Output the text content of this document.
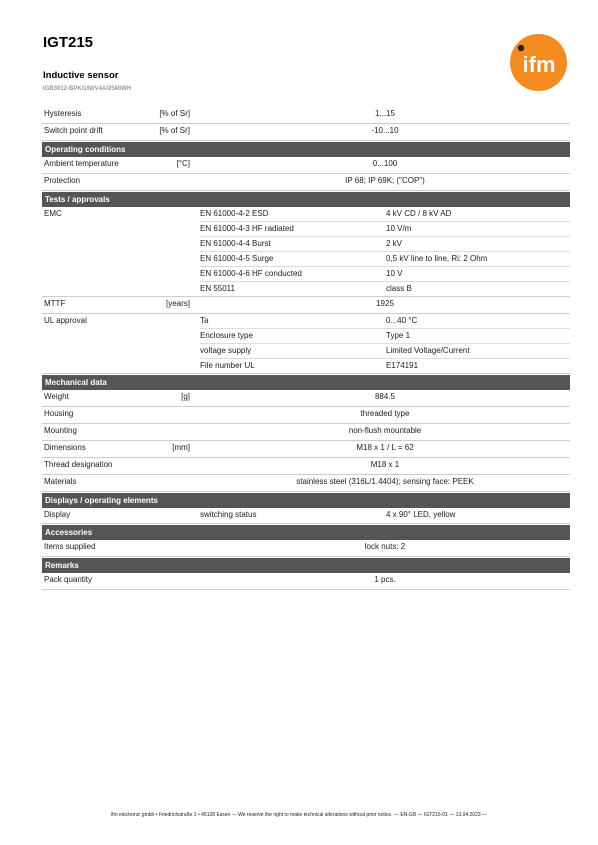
IGT215
Inductive sensor
IGB3012-BPKG/M/V4A/25M/WH
ifm
Hysteresis	[% of Sr]	1...15
Switch point drift	[% of Sr]	-10...10
Operating conditions
Ambient temperature	[°C]	0...100
Protection	IP 68; IP 69K; ("COP")
Tests / approvals
EMC	EN 61000-4-2 ESD	4 kV CD / 8 kV AD
EN 61000-4-3 HF radiated	10 V/m
EN 61000-4-4 Burst	2 kV
EN 61000-4-5 Surge	0,5 kV line to line, Ri: 2 Ohm
EN 61000-4-6 HF conducted	10 V
EN 55011	class B
MTTF	[years]	1925
UL approval	Ta	0...40 °C
Enclosure type	Type 1
voltage supply	Limited Voltage/Current
File number UL	E174191
Mechanical data
Weight	[g]	884.5
Housing	threaded type
Mounting	non-flush mountable
Dimensions	[mm]	M18 x 1 / L = 62
Thread designation	M18 x 1
Materials	stainless steel (316L/1.4404); sensing face: PEEK
Displays / operating elements
Display	switching status	4 x 90° LED, yellow
Accessories
Items supplied	lock nuts: 2
Remarks
Pack quantity	1 pcs.
ifm electronic gmbh • Friedrichstraße 1 • 45128 Essen — We reserve the right to make technical alterations without prior notice. — EN-GB — IGT215-01 — 13.04.2023 —
